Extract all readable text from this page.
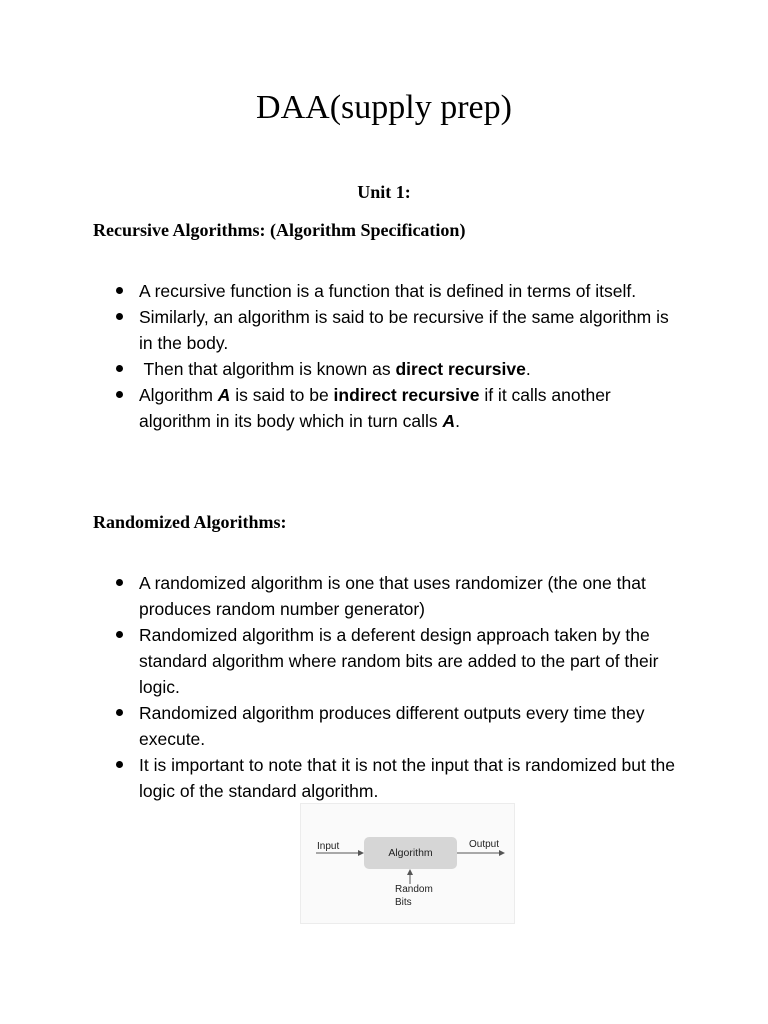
DAA(supply prep)
Unit 1:
Recursive Algorithms: (Algorithm Specification)
A recursive function is a function that is defined in terms of itself.
Similarly, an algorithm is said to be recursive if the same algorithm is in the body.
Then that algorithm is known as direct recursive.
Algorithm A is said to be indirect recursive if it calls another algorithm in its body which in turn calls A.
Randomized Algorithms:
A randomized algorithm is one that uses randomizer (the one that produces random number generator)
Randomized algorithm is a deferent design approach taken by the standard algorithm where random bits are added to the part of their logic.
Randomized algorithm produces different outputs every time they execute.
It is important to note that it is not the input that is randomized but the logic of the standard algorithm.
Input
Algorithm
Output
Random
Bits
